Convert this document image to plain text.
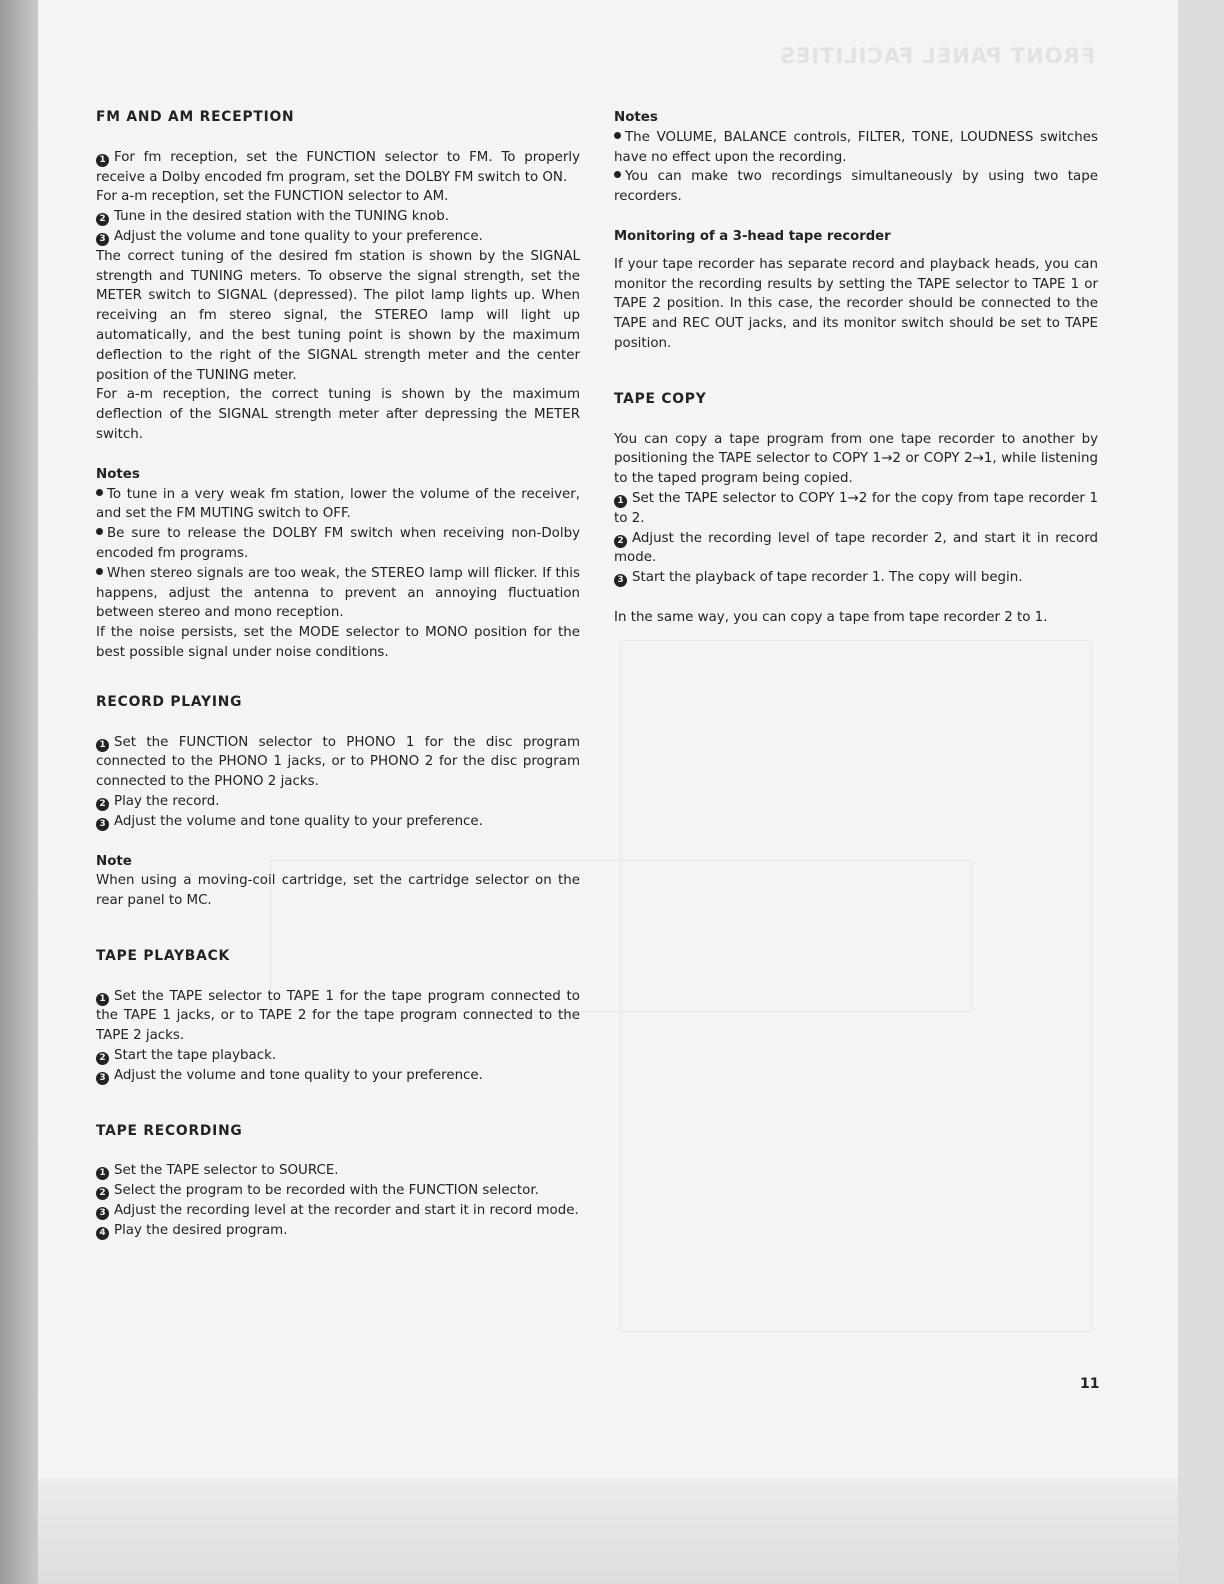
FRONT PANEL FACILITIES
FM AND AM RECEPTION

1 For fm reception, set the FUNCTION selector to FM. To properly receive a Dolby encoded fm program, set the DOLBY FM switch to ON.

For a-m reception, set the FUNCTION selector to AM.

2 Tune in the desired station with the TUNING knob.

3 Adjust the volume and tone quality to your preference.

The correct tuning of the desired fm station is shown by the SIGNAL strength and TUNING meters. To observe the signal strength, set the METER switch to SIGNAL (depressed). The pilot lamp lights up. When receiving an fm stereo signal, the STEREO lamp will light up automatically, and the best tuning point is shown by the maximum deflection to the right of the SIGNAL strength meter and the center position of the TUNING meter.

For a-m reception, the correct tuning is shown by the maximum deflection of the SIGNAL strength meter after depressing the METER switch.

Notes

To tune in a very weak fm station, lower the volume of the receiver, and set the FM MUTING switch to OFF.

Be sure to release the DOLBY FM switch when receiving non-Dolby encoded fm programs.

When stereo signals are too weak, the STEREO lamp will flicker. If this happens, adjust the antenna to prevent an annoying fluctuation between stereo and mono reception.

If the noise persists, set the MODE selector to MONO position for the best possible signal under noise conditions.

RECORD PLAYING

1 Set the FUNCTION selector to PHONO 1 for the disc program connected to the PHONO 1 jacks, or to PHONO 2 for the disc program connected to the PHONO 2 jacks.

2 Play the record.

3 Adjust the volume and tone quality to your preference.

Note

When using a moving-coil cartridge, set the cartridge selector on the rear panel to MC.

TAPE PLAYBACK

1 Set the TAPE selector to TAPE 1 for the tape program connected to the TAPE 1 jacks, or to TAPE 2 for the tape program connected to the TAPE 2 jacks.

2 Start the tape playback.

3 Adjust the volume and tone quality to your preference.

TAPE RECORDING

1 Set the TAPE selector to SOURCE.

2 Select the program to be recorded with the FUNCTION selector.

3 Adjust the recording level at the recorder and start it in record mode.

4 Play the desired program.

Notes

The VOLUME, BALANCE controls, FILTER, TONE, LOUDNESS switches have no effect upon the recording.

You can make two recordings simultaneously by using two tape recorders.

Monitoring of a 3-head tape recorder

If your tape recorder has separate record and playback heads, you can monitor the recording results by setting the TAPE selector to TAPE 1 or TAPE 2 position. In this case, the recorder should be connected to the TAPE and REC OUT jacks, and its monitor switch should be set to TAPE position.

TAPE COPY

You can copy a tape program from one tape recorder to another by positioning the TAPE selector to COPY 1→2 or COPY 2→1, while listening to the taped program being copied.

1 Set the TAPE selector to COPY 1→2 for the copy from tape recorder 1 to 2.

2 Adjust the recording level of tape recorder 2, and start it in record mode.

3 Start the playback of tape recorder 1. The copy will begin.

In the same way, you can copy a tape from tape recorder 2 to 1.

11
